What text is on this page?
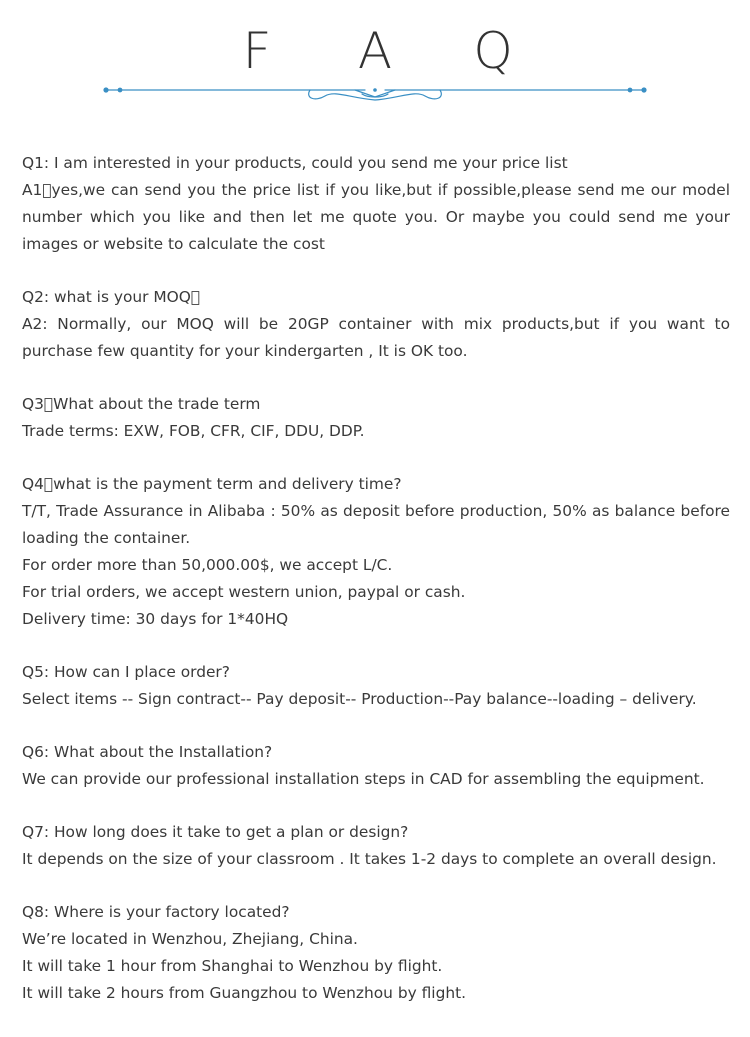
F	A	Q
Q1: I am interested in your products, could you send me your price list
A1 yes,we can send you the price list if you like,but if possible,please send me our model number which you like and then let me quote you. Or maybe you could send me your images or website to calculate the cost
Q2: what is your MOQ 
A2: Normally, our MOQ will be 20GP container with mix products,but if you want to purchase few quantity for your kindergarten , It is OK too.
Q3 What about the trade term
Trade terms: EXW, FOB, CFR, CIF, DDU, DDP.
Q4 what is the payment term and delivery time?
T/T, Trade Assurance in Alibaba : 50% as deposit before production, 50% as balance before loading the container.
For order more than 50,000.00$, we accept L/C.
For trial orders, we accept western union, paypal or cash.
Delivery time: 30 days for 1*40HQ
Q5: How can I place order?
Select items -- Sign contract-- Pay deposit-- Production--Pay balance--loading – delivery.
Q6: What about the Installation?
We can provide our professional installation steps in CAD for assembling the equipment.
Q7: How long does it take to get a plan or design?
It depends on the size of your classroom . It takes 1-2 days to complete an overall design.
Q8: Where is your factory located?
We’re located in Wenzhou, Zhejiang, China.
It will take 1 hour from Shanghai to Wenzhou by flight.
It will take 2 hours from Guangzhou to Wenzhou by flight.
